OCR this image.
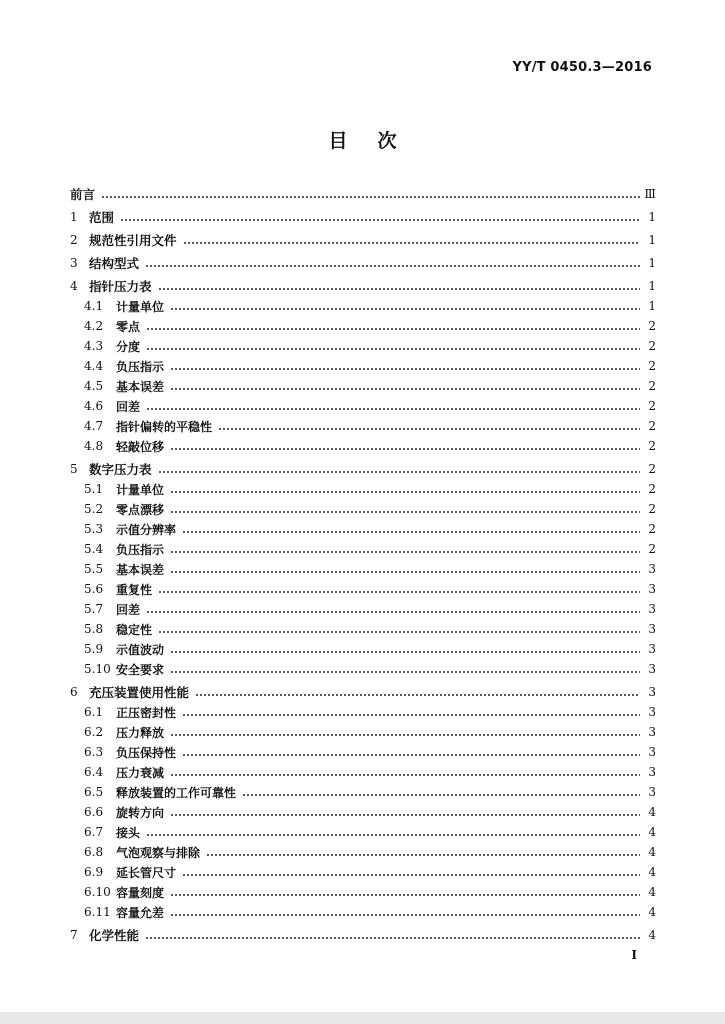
YY/T 0450.3—2016
目次
前言	Ⅲ
1 范围	1
2 规范性引用文件	1
3 结构型式	1
4 指针压力表	1
4.1	计量单位	1
4.2	零点	2
4.3	分度	2
4.4	负压指示	2
4.5	基本误差	2
4.6	回差	2
4.7	指针偏转的平稳性	2
4.8	轻敲位移	2
5 数字压力表	2
5.1	计量单位	2
5.2	零点漂移	2
5.3	示值分辨率	2
5.4	负压指示	2
5.5	基本误差	3
5.6	重复性	3
5.7	回差	3
5.8	稳定性	3
5.9	示值波动	3
5.10 安全要求	3
6 充压装置使用性能	3
6.1	正压密封性	3
6.2	压力释放	3
6.3	负压保持性	3
6.4	压力衰减	3
6.5	释放装置的工作可靠性	3
6.6	旋转方向	4
6.7	接头	4
6.8	气泡观察与排除	4
6.9	延长管尺寸	4
6.10 容量刻度	4
6.11 容量允差	4
7 化学性能	4
I
